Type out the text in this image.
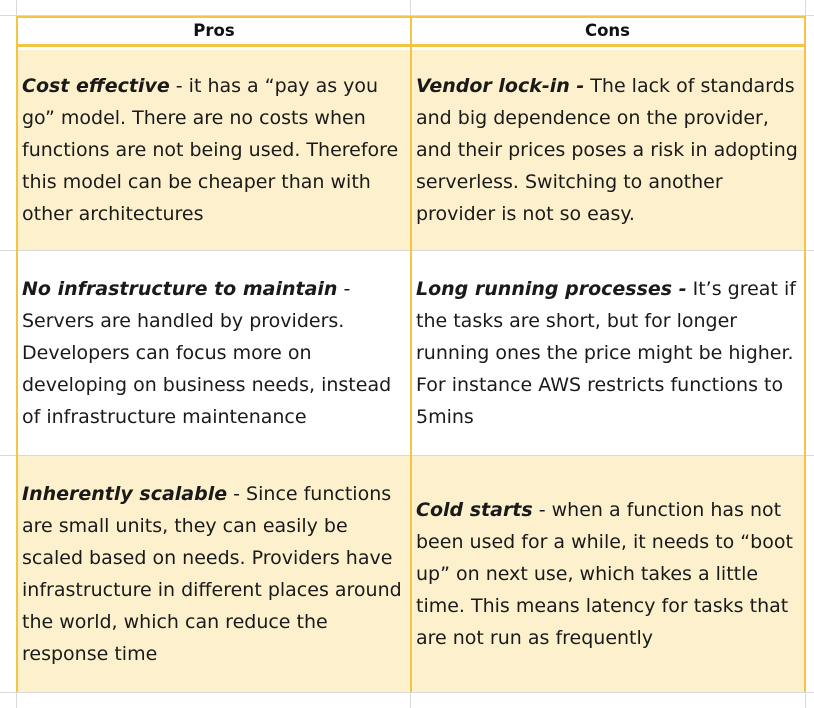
Pros	Cons
Cost effective - it has a “pay as you go” model. There are no costs when functions are not being used. Therefore this model can be cheaper than with other architectures
Vendor lock-in - The lack of standards and big dependence on the provider, and their prices poses a risk in adopting serverless. Switching to another provider is not so easy.
No infrastructure to maintain - Servers are handled by providers. Developers can focus more on developing on business needs, instead of infrastructure maintenance
Long running processes - It’s great if the tasks are short, but for longer running ones the price might be higher. For instance AWS restricts functions to 5mins
Inherently scalable - Since functions are small units, they can easily be scaled based on needs. Providers have infrastructure in different places around the world, which can reduce the response time
Cold starts - when a function has not been used for a while, it needs to “boot up” on next use, which takes a little time. This means latency for tasks that are not run as frequently
